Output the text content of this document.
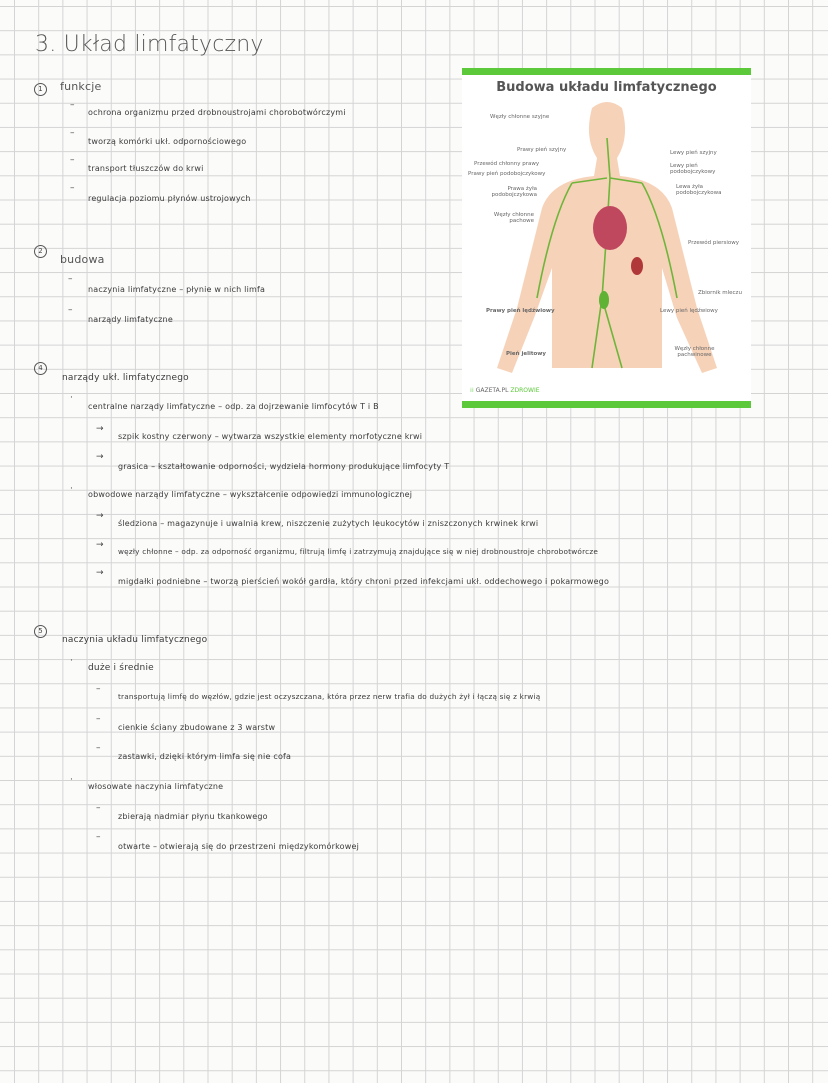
3. Układ limfatyczny
1	funkcje
–
ochrona organizmu przed drobnoustrojami chorobotwórczymi
–
tworzą komórki ukł. odpornościowego
–
transport tłuszczów do krwi
–
regulacja poziomu płynów ustrojowych
2
budowa
–
naczynia limfatyczne – płynie w nich limfa
–
narządy limfatyczne
4
narządy ukł. limfatycznego
·
centralne narządy limfatyczne – odp. za dojrzewanie limfocytów T i B
→
szpik kostny czerwony – wytwarza wszystkie elementy morfotyczne krwi
→
grasica – kształtowanie odporności, wydziela hormony produkujące limfocyty T
·
obwodowe narządy limfatyczne – wykształcenie odpowiedzi immunologicznej
→
śledziona – magazynuje i uwalnia krew, niszczenie zużytych leukocytów i zniszczonych krwinek krwi
→
węzły chłonne – odp. za odporność organizmu, filtrują limfę i zatrzymują znajdujące się w niej drobnoustroje chorobotwórcze
→
migdałki podniebne – tworzą pierścień wokół gardła, który chroni przed infekcjami ukł. oddechowego i pokarmowego
5
naczynia układu limfatycznego
·
duże i średnie
–
transportują limfę do węzłów, gdzie jest oczyszczana, która przez nerw trafia do dużych żył i łączą się z krwią
–
cienkie ściany zbudowane z 3 warstw
–
zastawki, dzięki którym limfa się nie cofa
·
włosowate naczynia limfatyczne
–
zbierają nadmiar płynu tkankowego
–
otwarte – otwierają się do przestrzeni międzykomórkowej
Budowa układu limfatycznego
Węzły chłonne szyjne
Prawy pień szyjny
Przewód chłonny prawy
Prawy pień podobojczykowy
Prawa żyła podobojczykowa
Węzły chłonne pachowe
Lewy pień szyjny
Lewy pień podobojczykowy
Lewa żyła podobojczykowa
Przewód piersiowy
Zbiornik mleczu
Prawy pień lędźwiowy	Lewy pień lędźwiowy
Pień jelitowy
Węzły chłonne pachwinowe
⁞⁞ GAZETA.PL ZDROWIE
